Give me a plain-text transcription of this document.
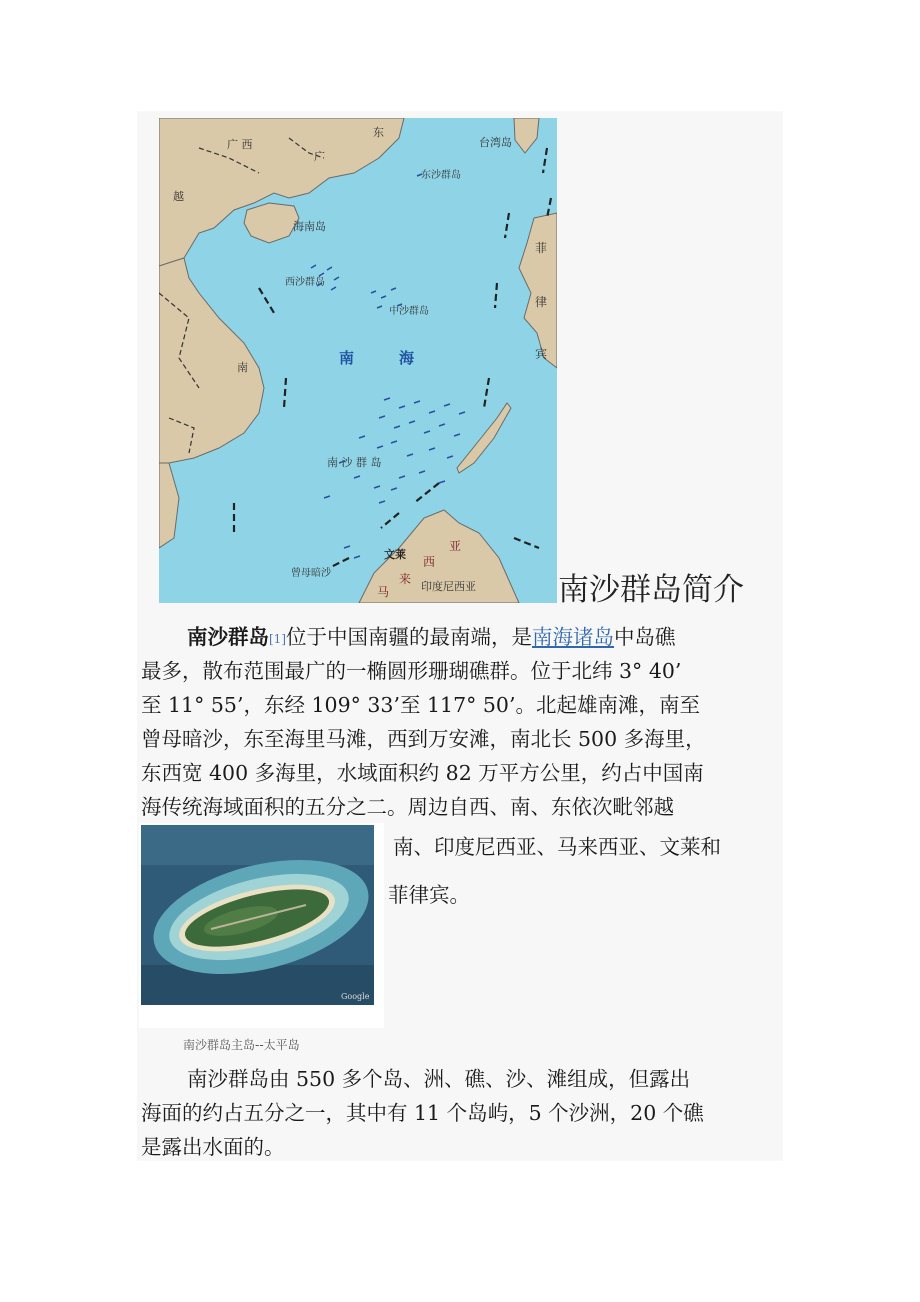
广 西
广
东
台湾岛
东沙群岛
越
海南岛
西沙群岛
中沙群岛
菲
律
宾
南
南	海
南 沙 群 岛
文莱
曾母暗沙
亚
西
马
来
印度尼西亚	南沙群岛简介
南沙群岛[1]位于中国南疆的最南端，是南海诸岛中岛礁
最多，散布范围最广的一椭圆形珊瑚礁群。位于北纬 3° 40’
至 11° 55’，东经 109° 33’至 117° 50’。北起雄南滩，南至
曾母暗沙，东至海里马滩，西到万安滩，南北长 500 多海里，
东西宽 400 多海里，水域面积约 82 万平方公里，约占中国南
海传统海域面积的五分之二。周边自西、南、东依次毗邻越
南、印度尼西亚、马来西亚、文莱和
菲律宾。
Google
南沙群岛主岛--太平岛
南沙群岛由 550 多个岛、洲、礁、沙、滩组成，但露出
海面的约占五分之一，其中有 11 个岛屿，5 个沙洲，20 个礁
是露出水面的。
